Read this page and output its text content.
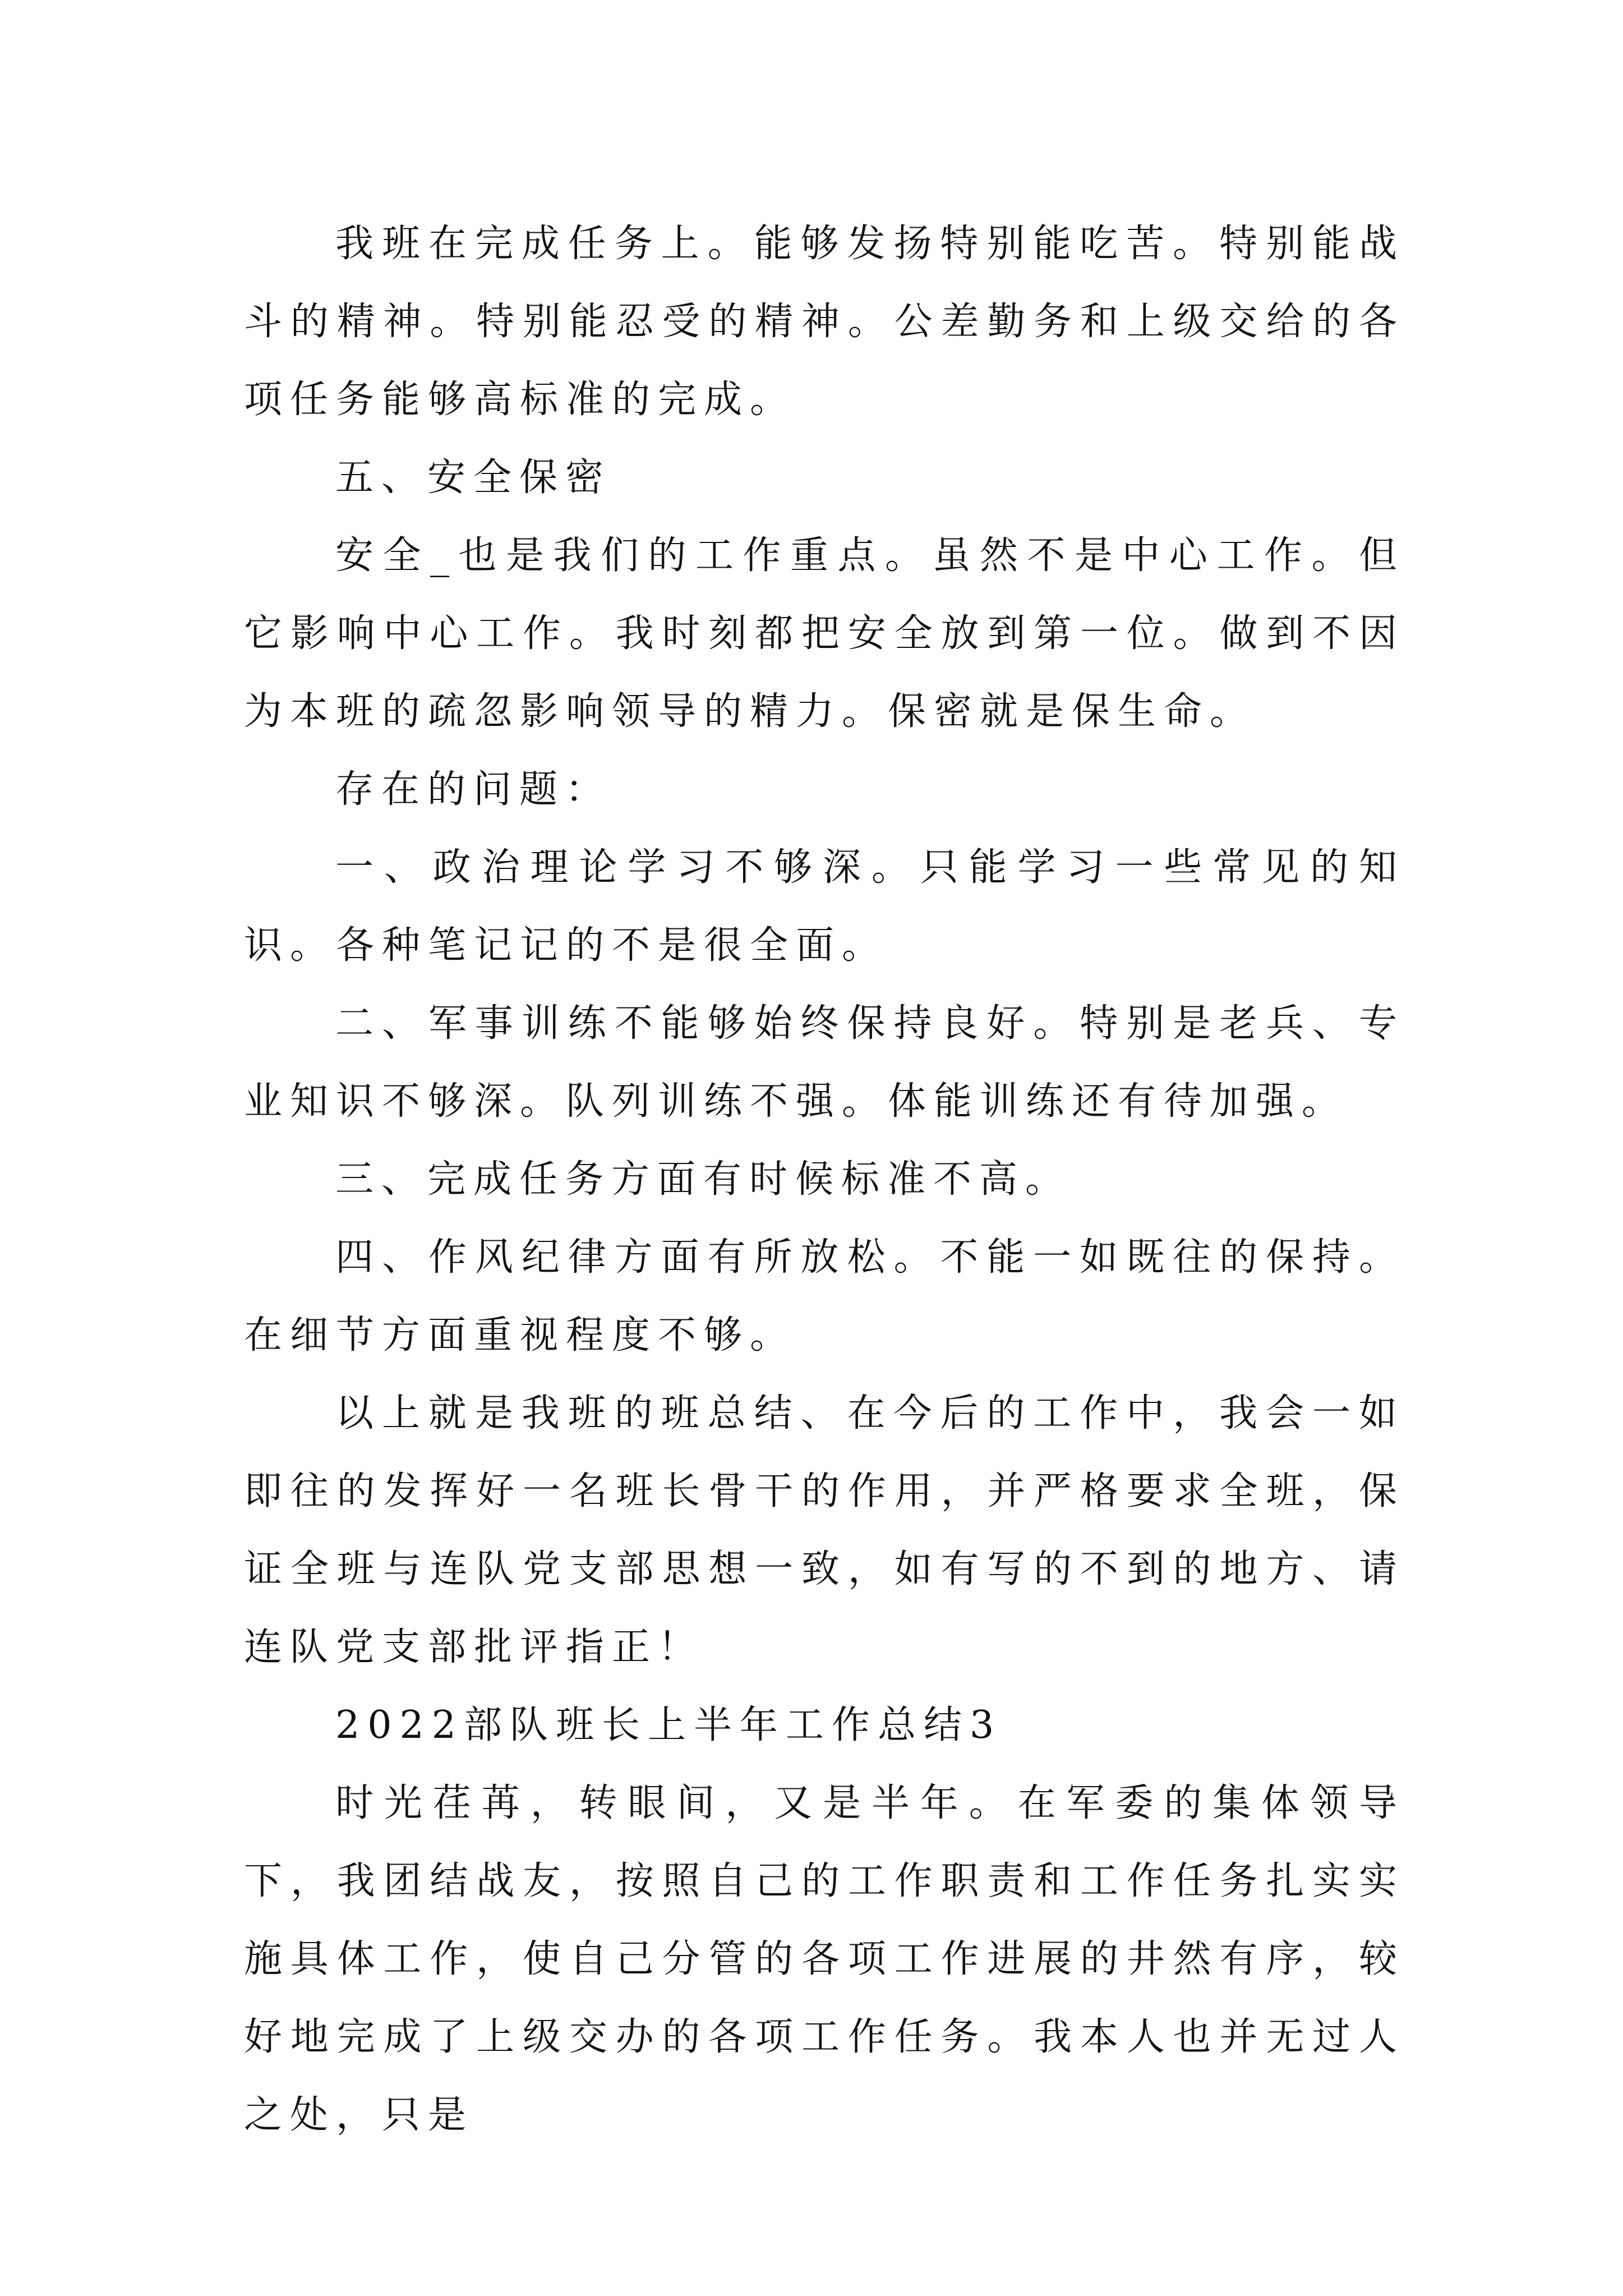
我班在完成任务上。能够发扬特别能吃苦。特别能战斗的精神。特别能忍受的精神。公差勤务和上级交给的各项任务能够高标准的完成。

五、安全保密

安全_也是我们的工作重点。虽然不是中心工作。但它影响中心工作。我时刻都把安全放到第一位。做到不因为本班的疏忽影响领导的精力。保密就是保生命。

存在的问题：

一、政治理论学习不够深。只能学习一些常见的知识。各种笔记记的不是很全面。

二、军事训练不能够始终保持良好。特别是老兵、专业知识不够深。队列训练不强。体能训练还有待加强。

三、完成任务方面有时候标准不高。

四、作风纪律方面有所放松。不能一如既往的保持。在细节方面重视程度不够。

以上就是我班的班总结、在今后的工作中，我会一如即往的发挥好一名班长骨干的作用，并严格要求全班，保证全班与连队党支部思想一致，如有写的不到的地方、请连队党支部批评指正！

2022部队班长上半年工作总结3

时光荏苒，转眼间，又是半年。在军委的集体领导下，我团结战友，按照自己的工作职责和工作任务扎实实施具体工作，使自己分管的各项工作进展的井然有序，较好地完成了上级交办的各项工作任务。我本人也并无过人之处，只是
